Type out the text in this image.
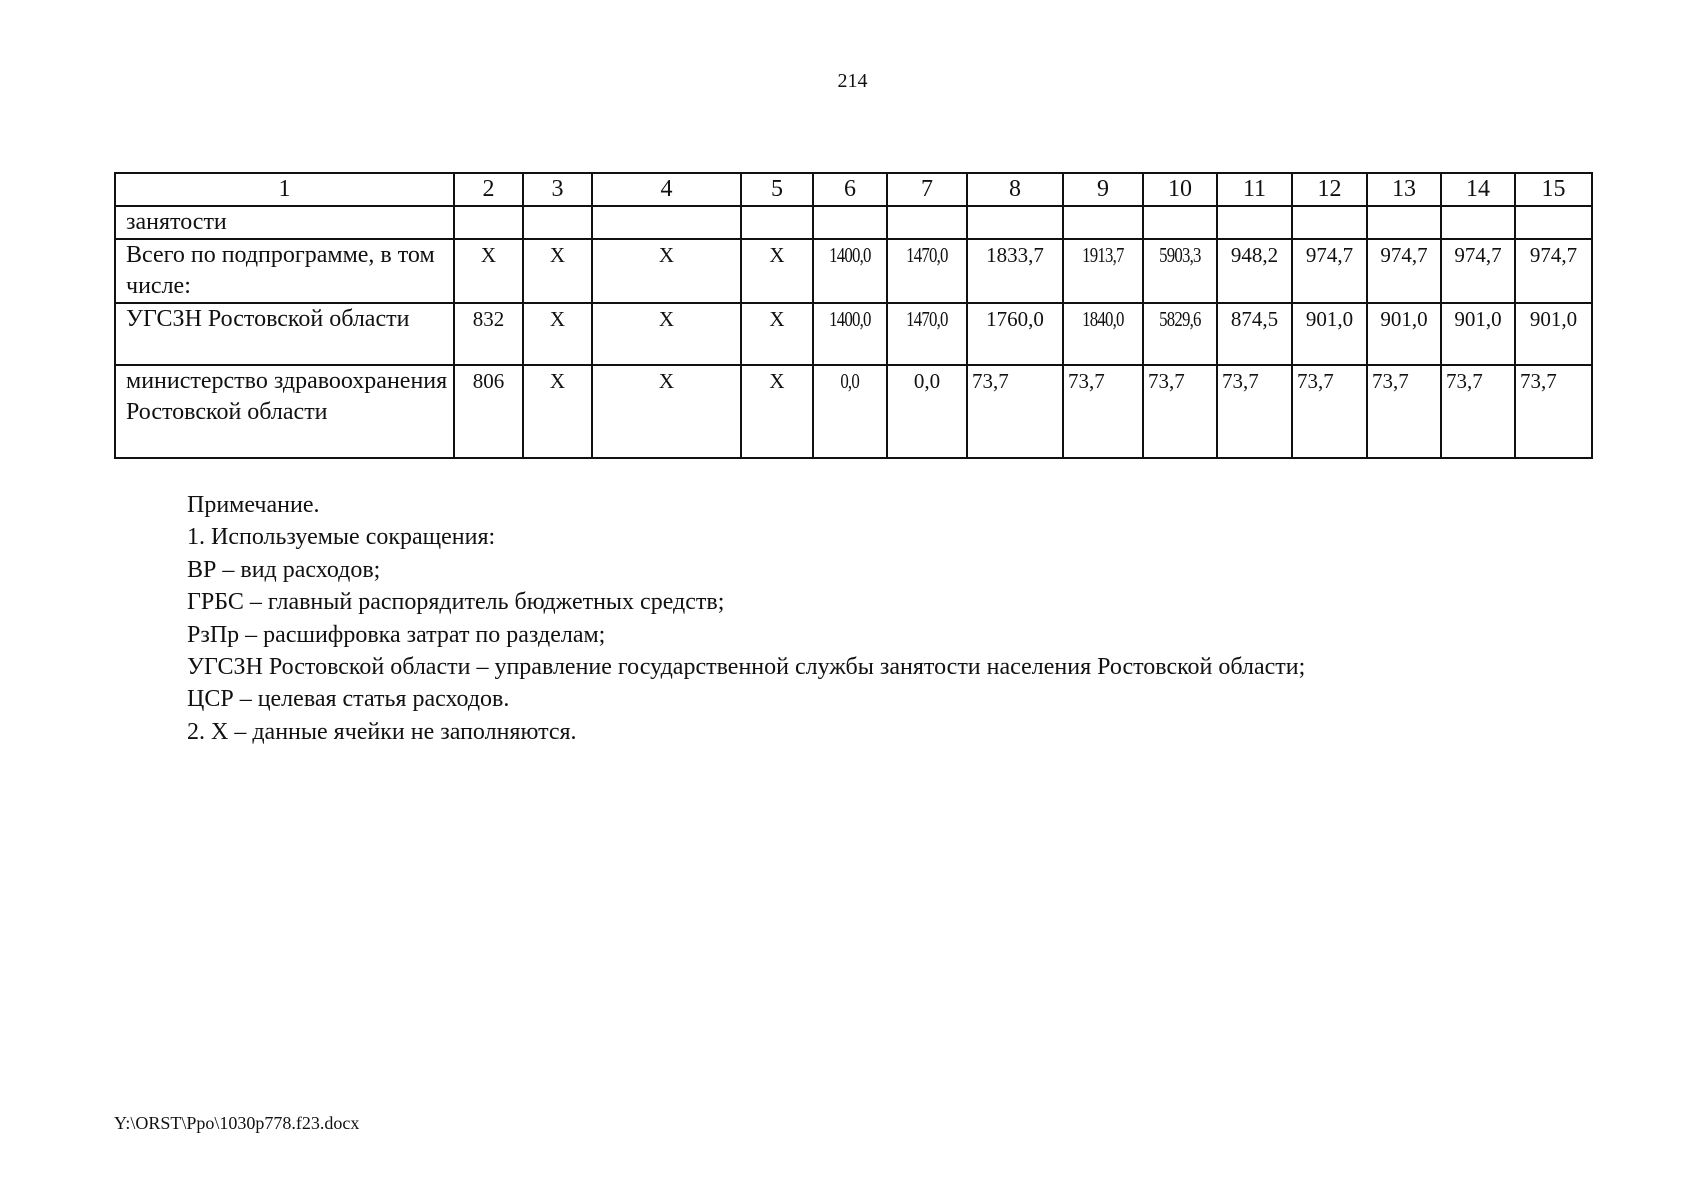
214
1	2	3	4	5	6	7	8	9	10	11	12	13	14	15
занятости														
Всего по подпрограмме, в том числе:	X	X	X	X	1400,0	1470,0	1833,7	1913,7	5903,3	948,2	974,7	974,7	974,7	974,7
УГСЗН Ростовской области	832	X	X	X	1400,0	1470,0	1760,0	1840,0	5829,6	874,5	901,0	901,0	901,0	901,0
министерство здравоохранения Ростовской области	806	X	X	X	0,0	0,0	73,7	73,7	73,7	73,7	73,7	73,7	73,7	73,7
Примечание.
1. Используемые сокращения:
ВР – вид расходов;
ГРБС – главный распорядитель бюджетных средств;
РзПр – расшифровка затрат по разделам;
УГСЗН Ростовской области – управление государственной службы занятости населения Ростовской области;
ЦСР – целевая статья расходов.
2. X – данные ячейки не заполняются.
Y:\ORST\Ppo\1030p778.f23.docx
